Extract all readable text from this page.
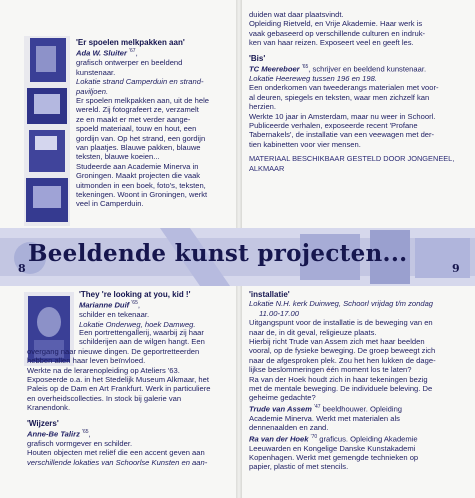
'Er spoelen melkpakken aan'
Ada W. Sluiter $^{'67}$,
grafisch ontwerper en beeldend
kunstenaar.
Lokatie strand Camperduin en strand-
paviljoen.
Er spoelen melkpakken aan, uit de hele
wereld. Zij fotografeert ze, verzamelt
ze en maakt er met verder aange-
spoeld materiaal, touw en hout, een
gordijn van. Op het strand, een gordijn
van plaatjes. Blauwe pakken, blauwe
teksten, blauwe koeien...
Studeerde aan Academie Minerva in
Groningen. Maakt projecten die vaak
uitmonden in een boek, foto's, teksten,
tekeningen. Woont in Groningen, werkt
veel in Camperduin.
duiden wat daar plaatsvindt.
Opleiding Rietveld, en Vrije Akademie. Haar werk is
vaak gebaseerd op verschillende culturen en indruk-
ken van haar reizen. Exposeert veel en geeft les.
'Bis'
TC Meereboer $^{'65}$, schrijver en beeldend kunstenaar.
Lokatie Heereweg tussen 196 en 198.
Een onderkomen van tweederangs materialen met voor-
al deuren, spiegels en teksten, waar men zichzelf kan
herzien.
Werkte 10 jaar in Amsterdam, maar nu weer in Schoorl.
Publiceerde verhalen, exposeerde recent 'Profane
Tabernakels', de installatie van een veewagen met der-
tien kabinetten voor vier mensen.
MATERIAAL BESCHIKBAAR GESTELD DOOR JONGENEEL,
ALKMAAR
Beeldende kunst projecten...
8	9
'They 're looking at you, kid !'
Marianne Duif $^{'65}$,
schilder en tekenaar.
Lokatie Onderweg, hoek Damweg.
Een portrettengallerij, waarbij zij haar
schilderijen aan de wilgen hangt. Een
overgang naar nieuwe dingen. De geportretteerden
hebben allen haar leven beïnvloed.
Werkte na de lerarenopleiding op Ateliers '63.
Exposeerde o.a. in het Stedelijk Museum Alkmaar, het
Paleis op de Dam en Art Frankfurt. Werk in particuliere
en overheidscollecties. In stock bij galerie van
Kranendonk.
'Wijzers'
Anne-Be Talirz $^{'65}$,
grafisch vormgever en schilder.
Houten objecten met reliëf die een accent geven aan
verschillende lokaties van Schoorlse Kunsten en aan-
'installatie'
Lokatie N.H. kerk Duinweg, Schoorl vrijdag t/m zondag
11.00-17.00
Uitgangspunt voor de installatie is de beweging van en
naar de, in dit geval, religieuze plaats.
Hierbij richt Trude van Assem zich met haar beelden
vooral, op de fysieke beweging. De groep beweegt zich
naar de afgesproken plek. Zou het hen lukken de dage-
lijkse beslommeringen één moment los te laten?
Ra van der Hoek houdt zich in haar tekeningen bezig
met de mentale beweging. De individuele beleving. De
geheime gedachte?
Trude van Assem $^{'47}$ beeldhouwer. Opleiding
Academie Minerva. Werkt met materialen als
dennenaalden en zand.
Ra van der Hoek $^{'70}$ graficus. Opleiding Akademie
Leeuwarden en Kongelige Danske Kunstakademi
Kopenhagen. Werkt met gemengde technieken op
papier, plastic of met stencils.
